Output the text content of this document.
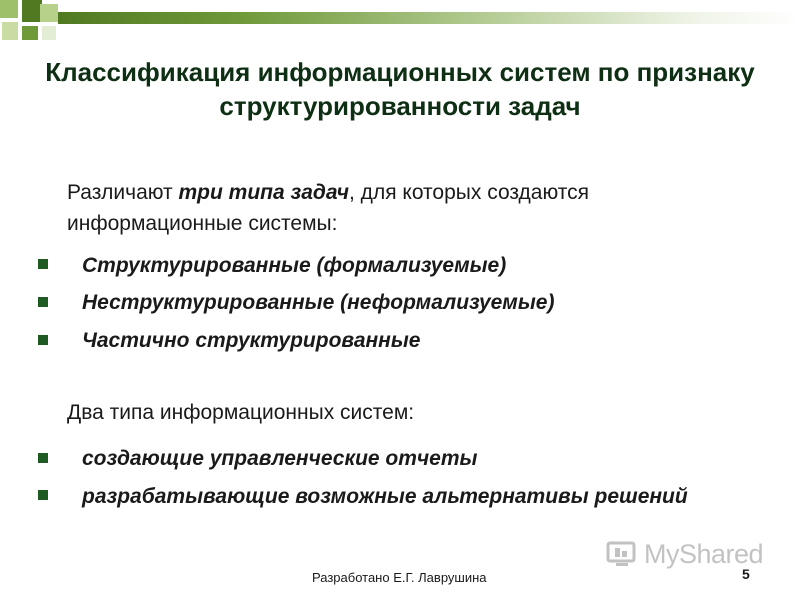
Классификация информационных систем по признаку структурированности задач
Различают три типа задач, для которых создаются информационные системы:
Структурированные (формализуемые)
Неструктурированные (неформализуемые)
Частично структурированные
Два типа информационных систем:
создающие управленческие отчеты
разрабатывающие возможные альтернативы решений
MyShared
Разработано Е.Г. Лаврушина	5
